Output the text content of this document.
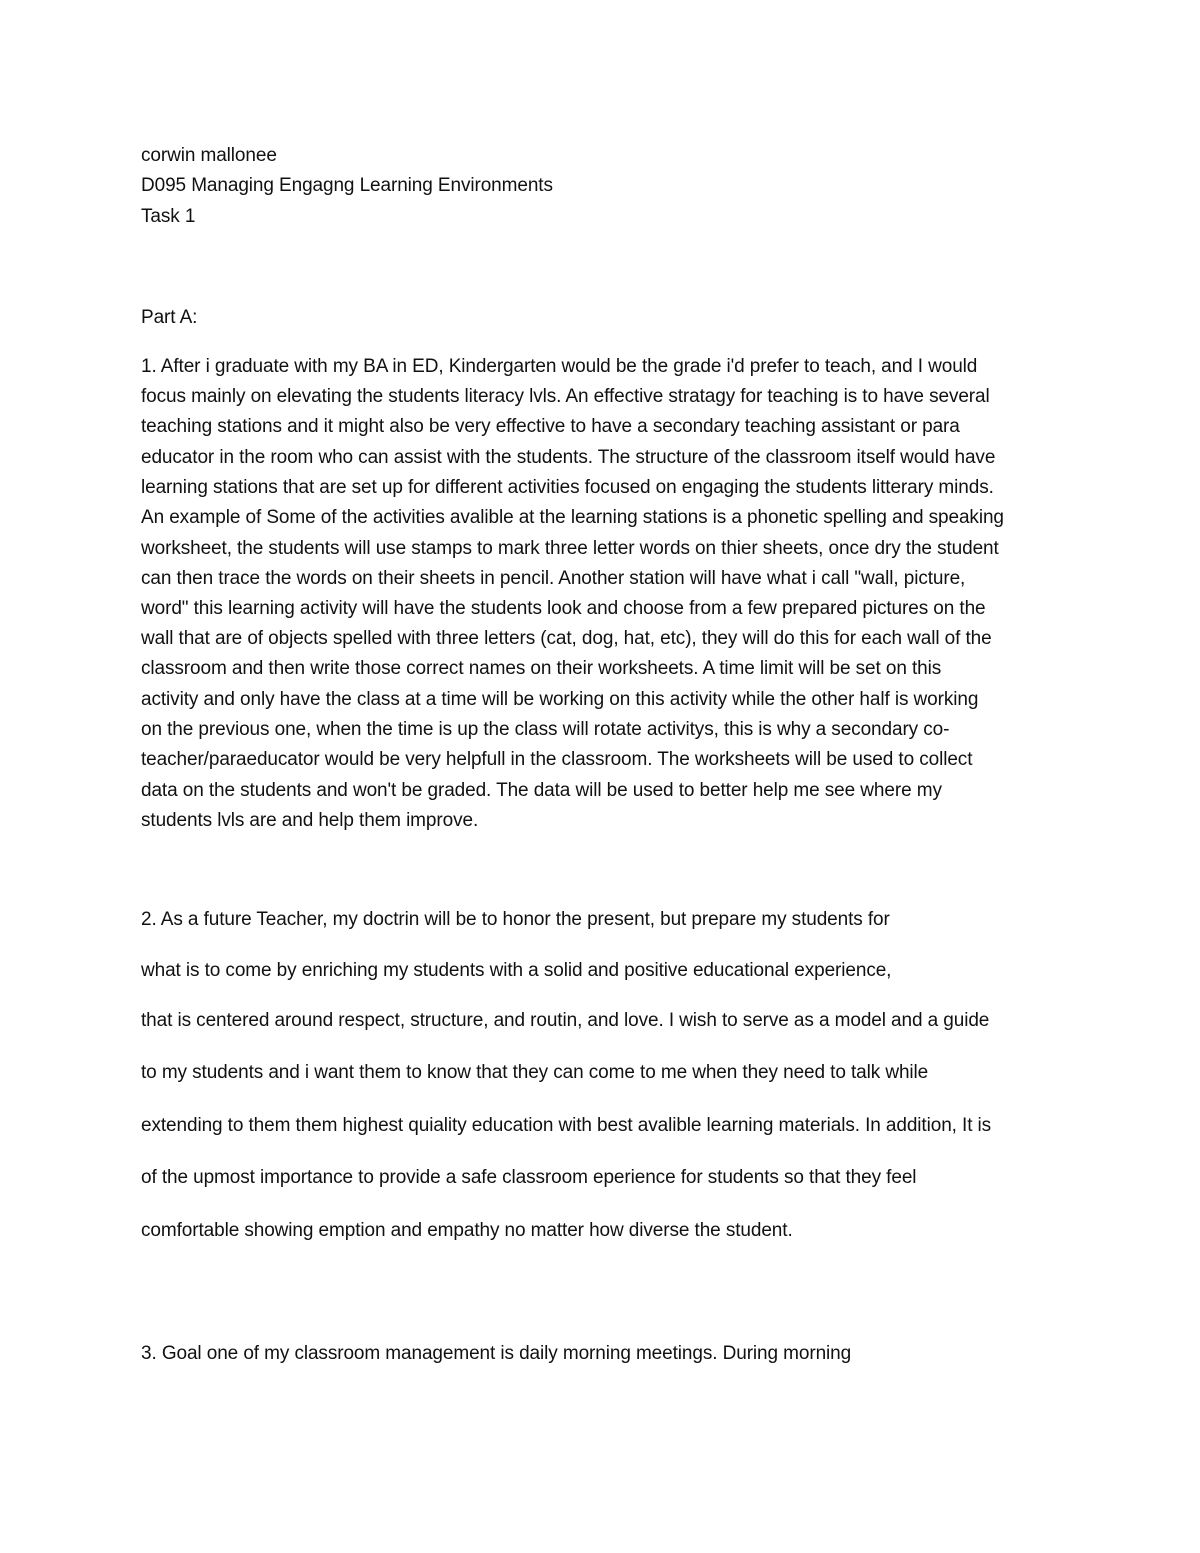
corwin mallonee
D095 Managing Engagng Learning Environments
Task 1
Part A:
1. After i graduate with my BA in ED, Kindergarten would be the grade i'd prefer to teach, and I would
focus mainly on elevating the students literacy lvls. An effective stratagy for teaching is to have several
teaching stations and it might also be very effective to have a secondary teaching assistant or para
educator in the room who can assist with the students. The structure of the classroom itself would have
learning stations that are set up for different activities focused on engaging the students litterary minds.
An example of Some of the activities avalible at the learning stations is a phonetic spelling and speaking
worksheet, the students will use stamps to mark three letter words on thier sheets, once dry the student
can then trace the words on their sheets in pencil. Another station will have what i call "wall, picture,
word" this learning activity will have the students look and choose from a few prepared pictures on the
wall that are of objects spelled with three letters (cat, dog, hat, etc), they will do this for each wall of the
classroom and then write those correct names on their worksheets. A time limit will be set on this
activity and only have the class at a time will be working on this activity while the other half is working
on the previous one, when the time is up the class will rotate activitys, this is why a secondary co-
teacher/paraeducator would be very helpfull in the classroom. The worksheets will be used to collect
data on the students and won't be graded. The data will be used to better help me see where my
students lvls are and help them improve.
2. As a future Teacher, my doctrin will be to honor the present, but prepare my students for
what is to come by enriching my students with a solid and positive educational experience,
that is centered around respect, structure, and routin, and love. I wish to serve as a model and a guide
to my students and i want them to know that they can come to me when they need to talk while
extending to them them highest quiality education with best avalible learning materials. In addition, It is
of the upmost importance to provide a safe classroom eperience for students so that they feel
comfortable showing emption and empathy no matter how diverse the student.
3. Goal one of my classroom management is daily morning meetings. During morning
